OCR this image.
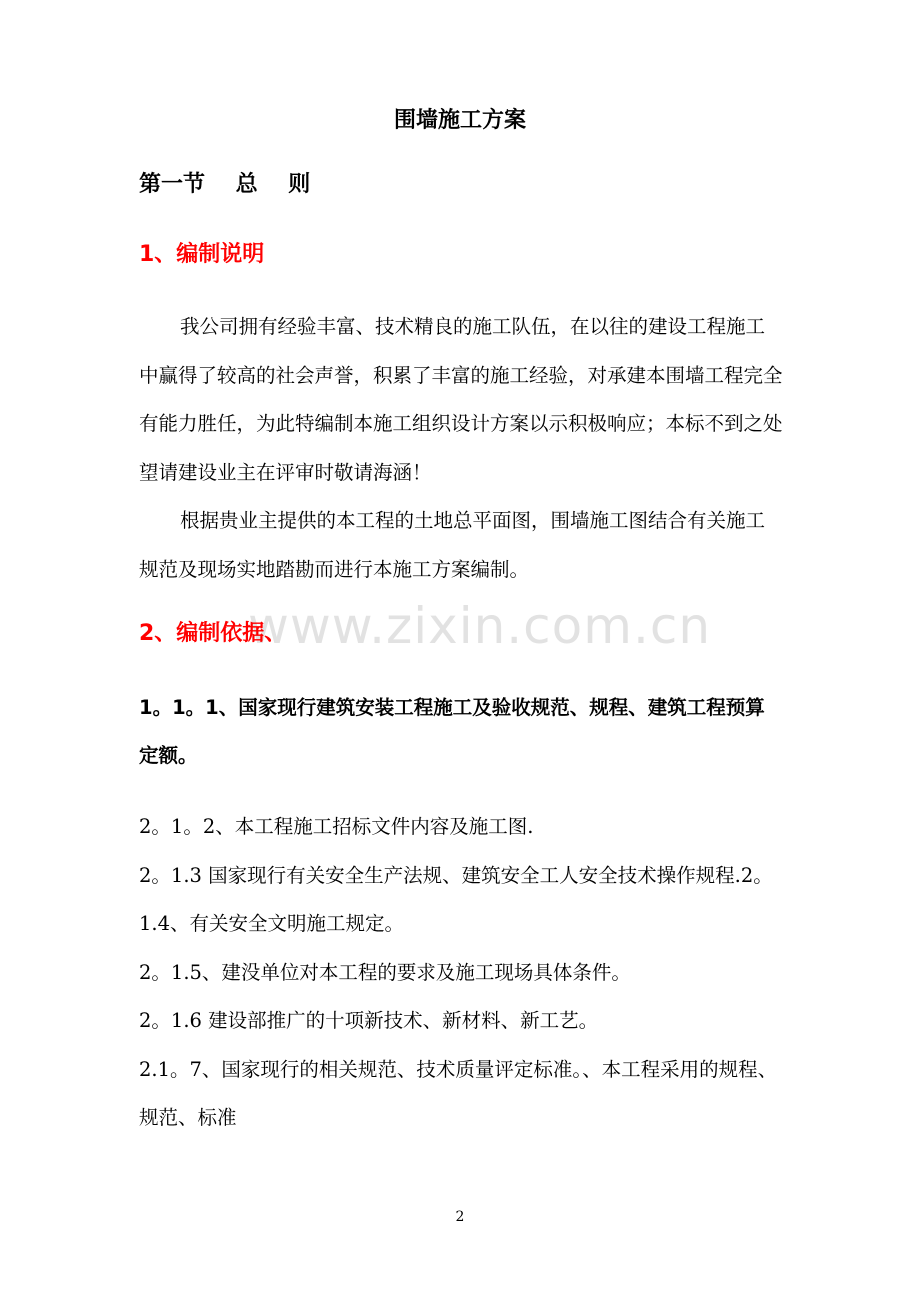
www.zixin.com.cn
围墙施工方案
第一节    总    则
1、编制说明

我公司拥有经验丰富、技术精良的施工队伍，在以往的建设工程施工中赢得了较高的社会声誉，积累了丰富的施工经验，对承建本围墙工程完全有能力胜任，为此特编制本施工组织设计方案以示积极响应；本标不到之处望请建设业主在评审时敬请海涵！

根据贵业主提供的本工程的土地总平面图，围墙施工图结合有关施工规范及现场实地踏勘而进行本施工方案编制。

2、编制依据、

1。1。1、国家现行建筑安装工程施工及验收规范、规程、建筑工程预算定额。

2。1。2、本工程施工招标文件内容及施工图.
2。1.3 国家现行有关安全生产法规、建筑安全工人安全技术操作规程.2。1.4、有关安全文明施工规定。
2。1.5、建没单位对本工程的要求及施工现场具体条件。
2。1.6 建设部推广的十项新技术、新材料、新工艺。
2.1。7、国家现行的相关规范、技术质量评定标准。、本工程采用的规程、规范、标准
2
